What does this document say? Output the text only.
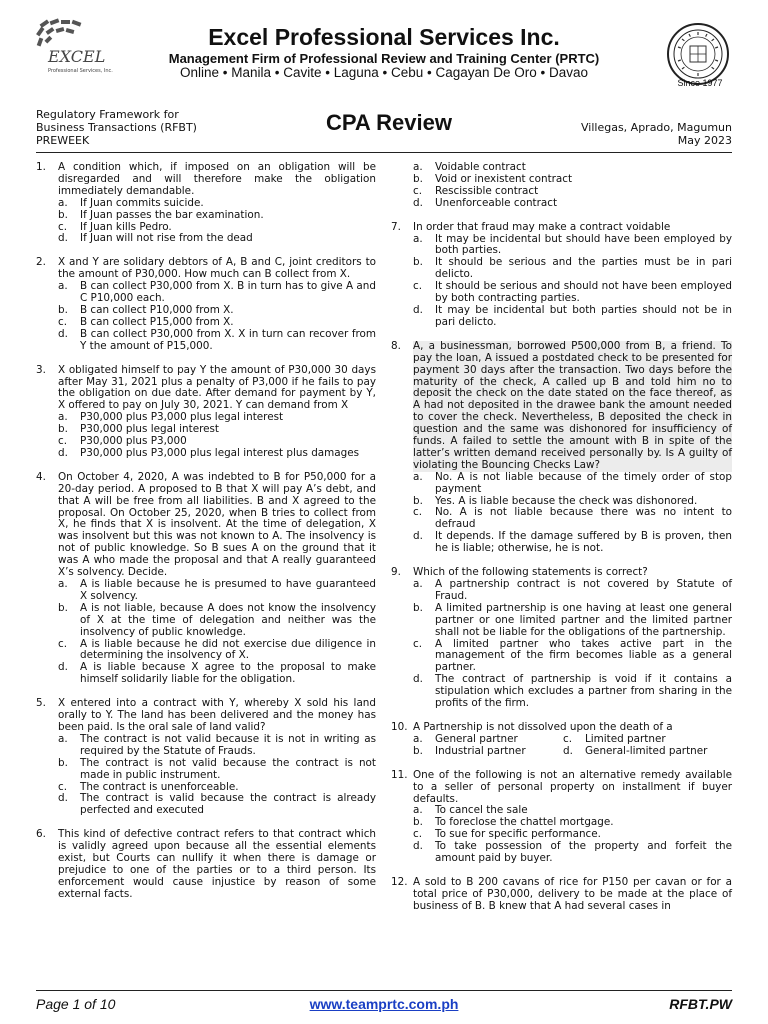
EXCEL
Professional Services, Inc.
Excel Professional Services Inc.
Management Firm of Professional Review and Training Center (PRTC)
Online • Manila • Cavite • Laguna • Cebu • Cagayan De Oro • Davao
Since 1977
Regulatory Framework for
Business Transactions (RFBT)
PREWEEK
CPA Review	Villegas, Aprado, Magumun
May 2023
1. A condition which, if imposed on an obligation will be disregarded and will therefore make the obligation immediately demandable.
a. If Juan commits suicide.
b. If Juan passes the bar examination.
c. If Juan kills Pedro.
d. If Juan will not rise from the dead
2. X and Y are solidary debtors of A, B and C, joint creditors to the amount of P30,000. How much can B collect from X.
a. B can collect P30,000 from X. B in turn has to give A and C P10,000 each.
b. B can collect P10,000 from X.
c. B can collect P15,000 from X.
d. B can collect P30,000 from X. X in turn can recover from Y the amount of P15,000.
3. X obligated himself to pay Y the amount of P30,000 30 days after May 31, 2021 plus a penalty of P3,000 if he fails to pay the obligation on due date. After demand for payment by Y, X offered to pay on July 30, 2021. Y can demand from X
a. P30,000 plus P3,000 plus legal interest
b. P30,000 plus legal interest
c. P30,000 plus P3,000
d. P30,000 plus P3,000 plus legal interest plus damages
4. On October 4, 2020, A was indebted to B for P50,000 for a 20-day period. A proposed to B that X will pay A’s debt, and that A will be free from all liabilities. B and X agreed to the proposal. On October 25, 2020, when B tries to collect from X, he finds that X is insolvent. At the time of delegation, X was insolvent but this was not known to A. The insolvency is not of public knowledge. So B sues A on the ground that it was A who made the proposal and that A really guaranteed X’s solvency. Decide.
a. A is liable because he is presumed to have guaranteed X solvency.
b. A is not liable, because A does not know the insolvency of X at the time of delegation and neither was the insolvency of public knowledge.
c. A is liable because he did not exercise due diligence in determining the insolvency of X.
d. A is liable because X agree to the proposal to make himself solidarily liable for the obligation.
5. X entered into a contract with Y, whereby X sold his land orally to Y. The land has been delivered and the money has been paid. Is the oral sale of land valid?
a. The contract is not valid because it is not in writing as required by the Statute of Frauds.
b. The contract is not valid because the contract is not made in public instrument.
c. The contract is unenforceable.
d. The contract is valid because the contract is already perfected and executed
6. This kind of defective contract refers to that contract which is validly agreed upon because all the essential elements exist, but Courts can nullify it when there is damage or prejudice to one of the parties or to a third person. Its enforcement would cause injustice by reason of some external facts.
a. Voidable contract
b. Void or inexistent contract
c. Rescissible contract
d. Unenforceable contract
7. In order that fraud may make a contract voidable
a. It may be incidental but should have been employed by both parties.
b. It should be serious and the parties must be in pari delicto.
c. It should be serious and should not have been employed by both contracting parties.
d. It may be incidental but both parties should not be in pari delicto.
8. A, a businessman, borrowed P500,000 from B, a friend. To pay the loan, A issued a postdated check to be presented for payment 30 days after the transaction. Two days before the maturity of the check, A called up B and told him no to deposit the check on the date stated on the face thereof, as A had not deposited in the drawee bank the amount needed to cover the check. Nevertheless, B deposited the check in question and the same was dishonored for insufficiency of funds. A failed to settle the amount with B in spite of the latter’s written demand received personally by. Is A guilty of violating the Bouncing Checks Law?
a. No. A is not liable because of the timely order of stop payment
b. Yes. A is liable because the check was dishonored.
c. No. A is not liable because there was no intent to defraud
d. It depends. If the damage suffered by B is proven, then he is liable; otherwise, he is not.
9. Which of the following statements is correct?
a. A partnership contract is not covered by Statute of Fraud.
b. A limited partnership is one having at least one general partner or one limited partner and the limited partner shall not be liable for the obligations of the partnership.
c. A limited partner who takes active part in the management of the firm becomes liable as a general partner.
d. The contract of partnership is void if it contains a stipulation which excludes a partner from sharing in the profits of the firm.
10. A Partnership is not dissolved upon the death of a
a. General partner	c. Limited partner
b. Industrial partner	d. General-limited partner
11. One of the following is not an alternative remedy available to a seller of personal property on installment if buyer defaults.
a. To cancel the sale
b. To foreclose the chattel mortgage.
c. To sue for specific performance.
d. To take possession of the property and forfeit the amount paid by buyer.
12. A sold to B 200 cavans of rice for P150 per cavan or for a total price of P30,000, delivery to be made at the place of business of B. B knew that A had several cases in
Page 1 of 10	www.teamprtc.com.ph	RFBT.PW
